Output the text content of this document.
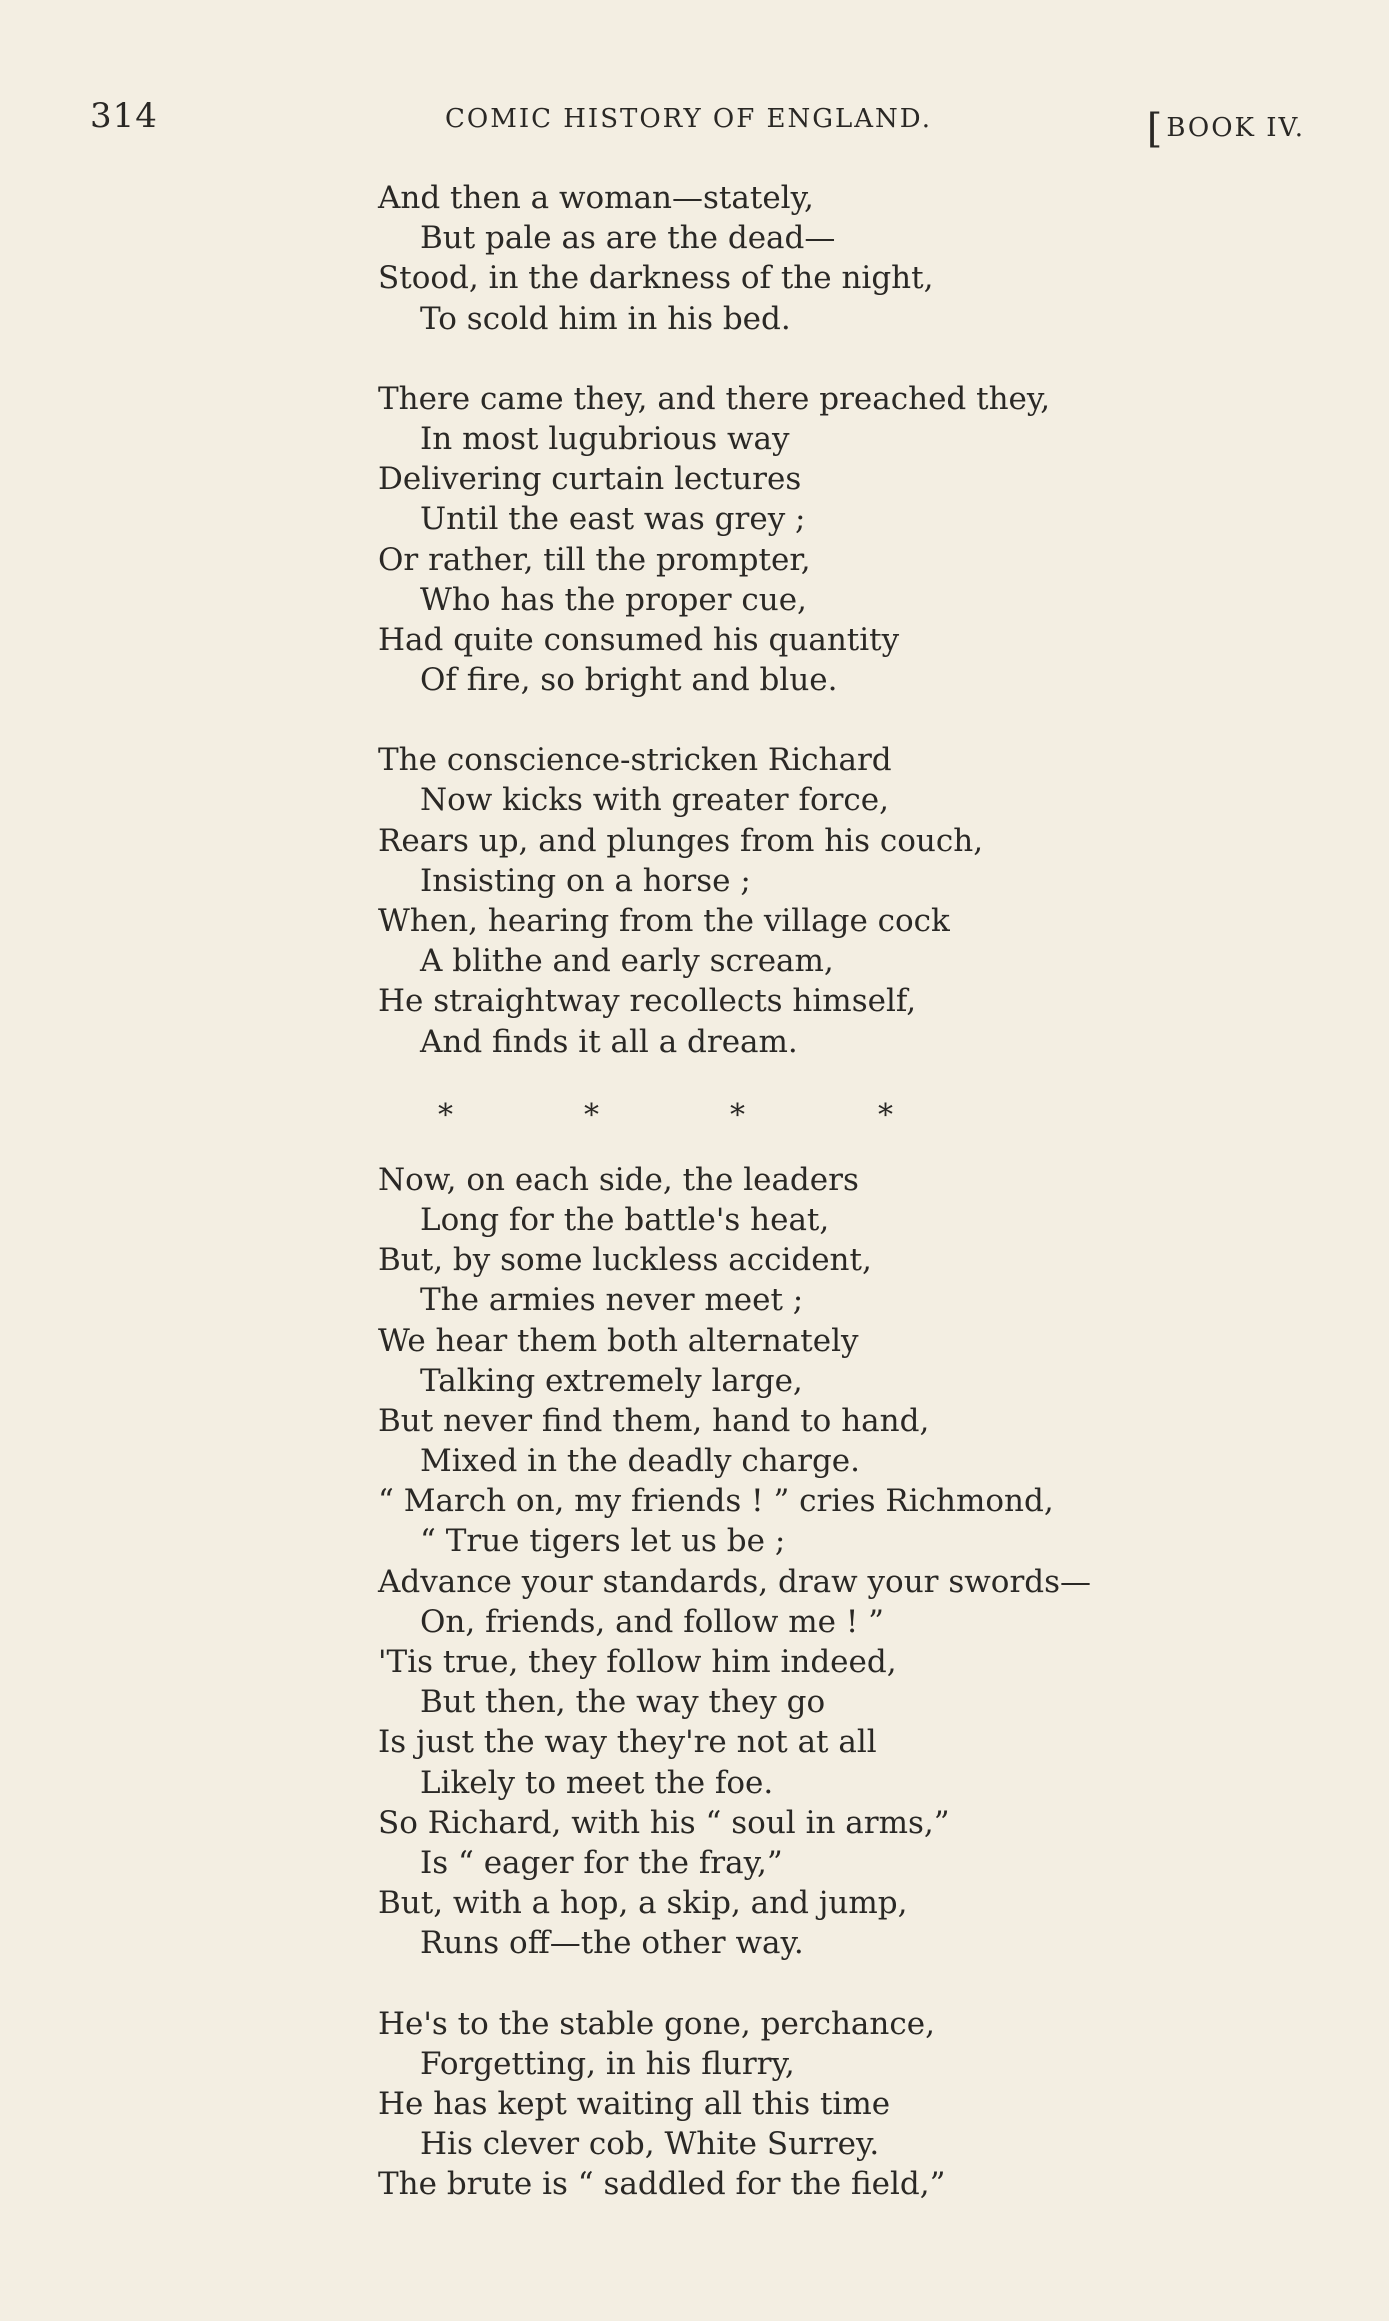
314	COMIC HISTORY OF ENGLAND.	[BOOK IV.
And then a woman—stately,
But pale as are the dead—
Stood, in the darkness of the night,
To scold him in his bed.
There came they, and there preached they,
In most lugubrious way
Delivering curtain lectures
Until the east was grey ;
Or rather, till the prompter,
Who has the proper cue,
Had quite consumed his quantity
Of fire, so bright and blue.
The conscience-stricken Richard
Now kicks with greater force,
Rears up, and plunges from his couch,
Insisting on a horse ;
When, hearing from the village cock
A blithe and early scream,
He straightway recollects himself,
And finds it all a dream.
*	*	*	*
Now, on each side, the leaders
Long for the battle's heat,
But, by some luckless accident,
The armies never meet ;
We hear them both alternately
Talking extremely large,
But never find them, hand to hand,
Mixed in the deadly charge.
“ March on, my friends ! ” cries Richmond,
“ True tigers let us be ;
Advance your standards, draw your swords—
On, friends, and follow me ! ”
'Tis true, they follow him indeed,
But then, the way they go
Is just the way they're not at all
Likely to meet the foe.
So Richard, with his “ soul in arms,”
Is “ eager for the fray,”
But, with a hop, a skip, and jump,
Runs off—the other way.
He's to the stable gone, perchance,
Forgetting, in his flurry,
He has kept waiting all this time
His clever cob, White Surrey.
The brute is “ saddled for the field,”
